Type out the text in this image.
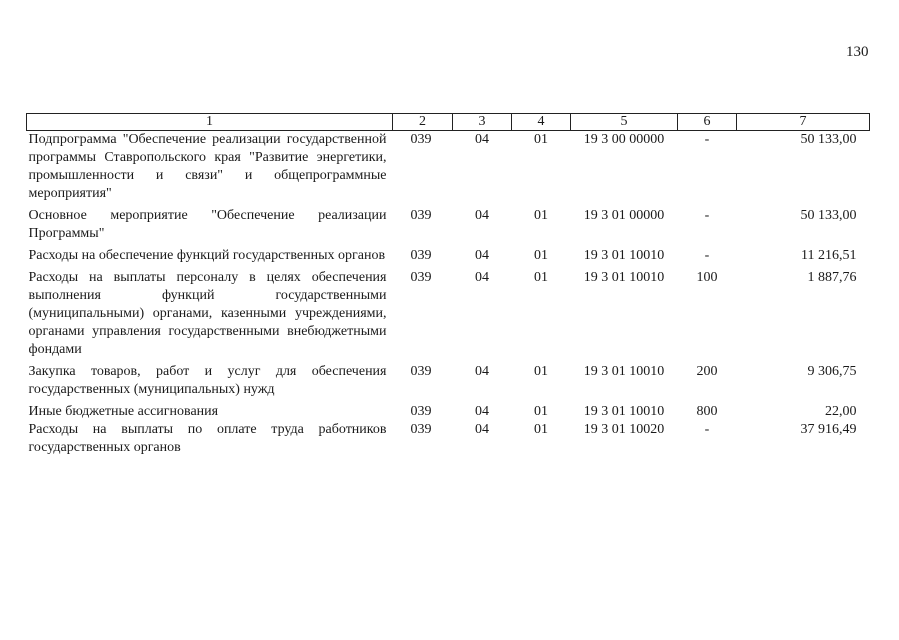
130
1	2	3	4	5	6	7
Подпрограмма "Обеспечение реализации государственной программы Ставропольского края "Развитие энергетики, промышленности и связи" и общепрограммные мероприятия"	039	04	01	19 3 00 00000	-	50 133,00
Основное мероприятие "Обеспечение реализации Программы"	039	04	01	19 3 01 00000	-	50 133,00
Расходы на обеспечение функций государственных органов	039	04	01	19 3 01 10010	-	11 216,51
Расходы на выплаты персоналу в целях обеспечения выполнения функций государственными (муниципальными) органами, казенными учреждениями, органами управления государственными внебюджетными фондами	039	04	01	19 3 01 10010	100	1 887,76
Закупка товаров, работ и услуг для обеспечения государственных (муниципальных) нужд	039	04	01	19 3 01 10010	200	9 306,75
Иные бюджетные ассигнования	039	04	01	19 3 01 10010	800	22,00
Расходы на выплаты по оплате труда работников государственных органов	039	04	01	19 3 01 10020	-	37 916,49
